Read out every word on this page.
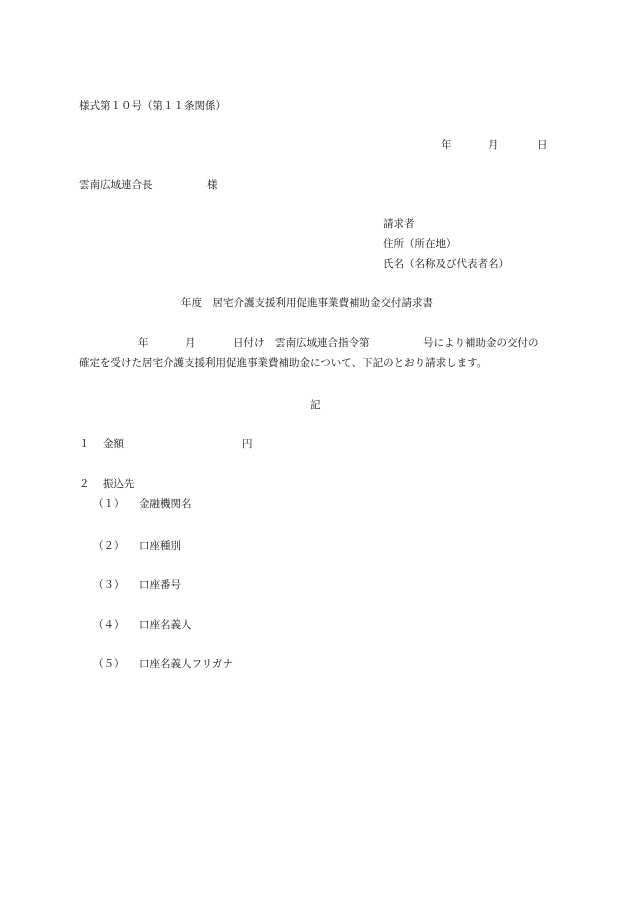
様式第１０号（第１１条関係）
年	月	日
雲南広域連合長	様
請求者
住所（所在地）
氏名（名称及び代表者名）
年度　居宅介護支援利用促進事業費補助金交付請求書
年	月	日付け　雲南広域連合指令第	号により補助金の交付の
確定を受けた居宅介護支援利用促進事業費補助金について、下記のとおり請求します。
記
１ 金額	円
２ 振込先
（１） 金融機関名
（２） 口座種別
（３） 口座番号
（４） 口座名義人
（５） 口座名義人フリガナ
